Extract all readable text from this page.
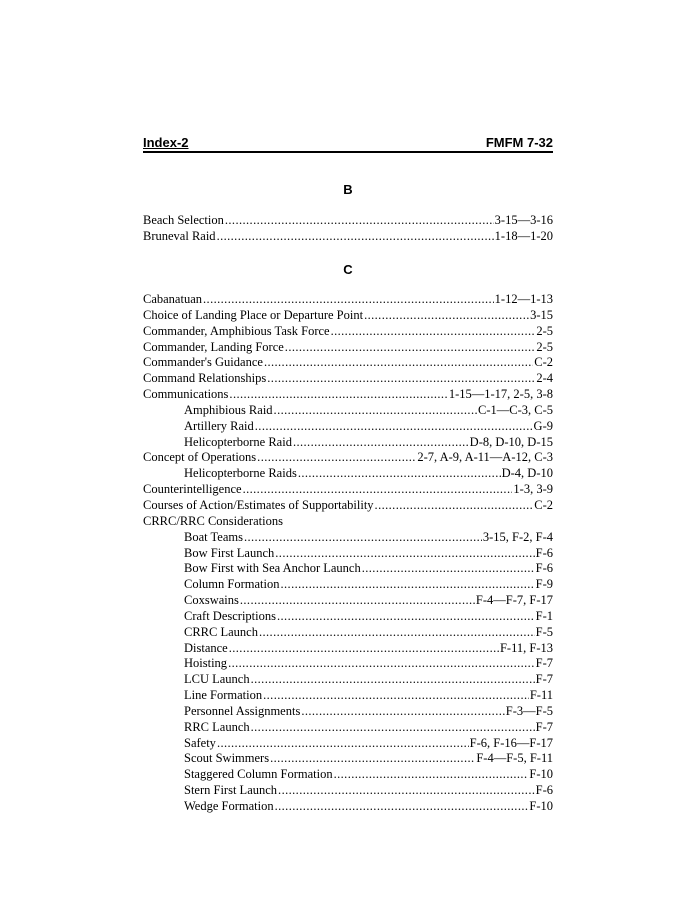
Index-2	FMFM 7-32
B
Beach Selection .....	3-15—3-16
Bruneval Raid .....	1-18—1-20
C
Cabanatuan .....	1-12—1-13
Choice of Landing Place or Departure Point .....	3-15
Commander, Amphibious Task Force .....	2-5
Commander, Landing Force .....	2-5
Commander's Guidance .....	C-2
Command Relationships .....	2-4
Communications .....	1-15—1-17, 2-5, 3-8
Amphibious Raid .....	C-1—C-3, C-5
Artillery Raid .....	G-9
Helicopterborne Raid .....	D-8, D-10, D-15
Concept of Operations .....	2-7, A-9, A-11—A-12, C-3
Helicopterborne Raids .....	D-4, D-10
Counterintelligence .....	1-3, 3-9
Courses of Action/Estimates of Supportability .....	C-2
CRRC/RRC Considerations
Boat Teams .....	3-15, F-2, F-4
Bow First Launch .....	F-6
Bow First with Sea Anchor Launch .....	F-6
Column Formation .....	F-9
Coxswains .....	F-4—F-7, F-17
Craft Descriptions .....	F-1
CRRC Launch .....	F-5
Distance .....	F-11, F-13
Hoisting .....	F-7
LCU Launch .....	F-7
Line Formation .....	F-11
Personnel Assignments .....	F-3—F-5
RRC Launch .....	F-7
Safety .....	F-6, F-16—F-17
Scout Swimmers .....	F-4—F-5, F-11
Staggered Column Formation .....	F-10
Stern First Launch .....	F-6
Wedge Formation .....	F-10
